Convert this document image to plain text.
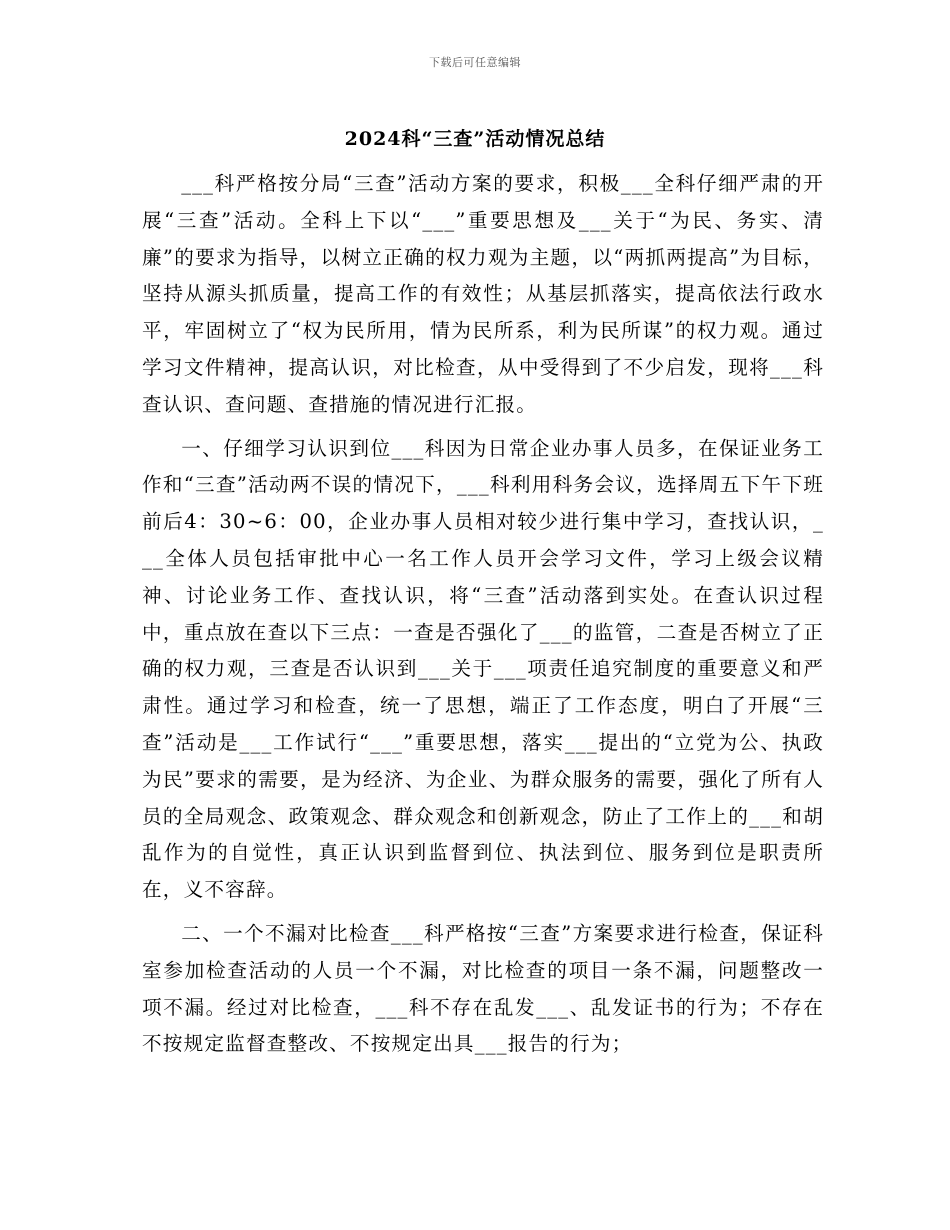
下载后可任意编辑
2024科“三查”活动情况总结

___科严格按分局“三查”活动方案的要求，积极___全科仔细严肃的开展“三查”活动。全科上下以“___”重要思想及___关于“为民、务实、清廉”的要求为指导，以树立正确的权力观为主题，以“两抓两提高”为目标，坚持从源头抓质量，提高工作的有效性；从基层抓落实，提高依法行政水平，牢固树立了“权为民所用，情为民所系，利为民所谋”的权力观。通过学习文件精神，提高认识，对比检查，从中受得到了不少启发，现将___科查认识、查问题、查措施的情况进行汇报。

一、仔细学习认识到位___科因为日常企业办事人员多，在保证业务工作和“三查”活动两不误的情况下，___科利用科务会议，选择周五下午下班前后4：30~6：00，企业办事人员相对较少进行集中学习，查找认识，___全体人员包括审批中心一名工作人员开会学习文件，学习上级会议精神、讨论业务工作、查找认识，将“三查”活动落到实处。在查认识过程中，重点放在查以下三点：一查是否强化了___的监管，二查是否树立了正确的权力观，三查是否认识到___关于___项责任追究制度的重要意义和严肃性。通过学习和检查，统一了思想，端正了工作态度，明白了开展“三查”活动是___工作试行“___”重要思想，落实___提出的“立党为公、执政为民”要求的需要，是为经济、为企业、为群众服务的需要，强化了所有人员的全局观念、政策观念、群众观念和创新观念，防止了工作上的___和胡乱作为的自觉性，真正认识到监督到位、执法到位、服务到位是职责所在，义不容辞。

二、一个不漏对比检查___科严格按“三查”方案要求进行检查，保证科室参加检查活动的人员一个不漏，对比检查的项目一条不漏，问题整改一项不漏。经过对比检查，___科不存在乱发___、乱发证书的行为；不存在不按规定监督查整改、不按规定出具___报告的行为；
